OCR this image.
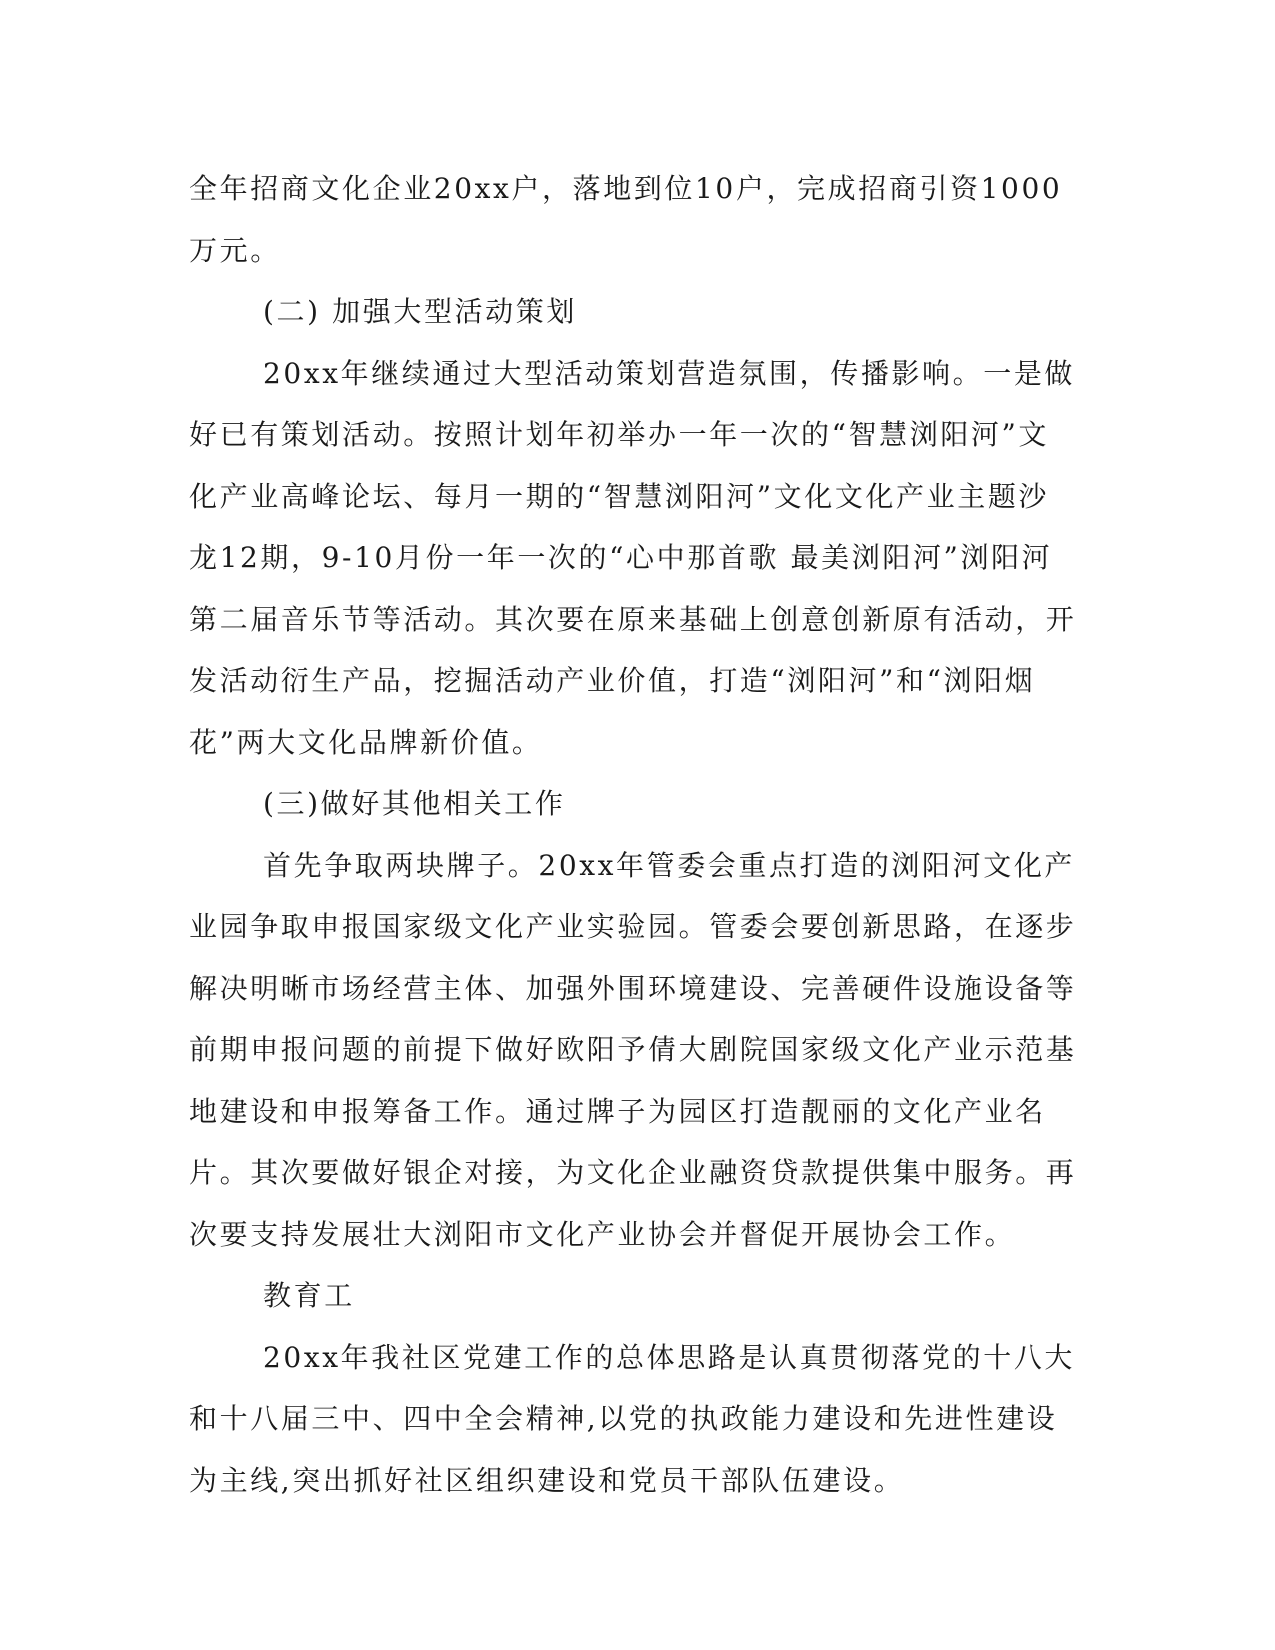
全年招商文化企业20xx户，落地到位10户，完成招商引资1000万元。

(二) 加强大型活动策划

20xx年继续通过大型活动策划营造氛围，传播影响。一是做好已有策划活动。按照计划年初举办一年一次的“智慧浏阳河”文化产业高峰论坛、每月一期的“智慧浏阳河”文化文化产业主题沙龙12期，9-10月份一年一次的“心中那首歌 最美浏阳河”浏阳河第二届音乐节等活动。其次要在原来基础上创意创新原有活动，开发活动衍生产品，挖掘活动产业价值，打造“浏阳河”和“浏阳烟花”两大文化品牌新价值。

(三)做好其他相关工作

首先争取两块牌子。20xx年管委会重点打造的浏阳河文化产业园争取申报国家级文化产业实验园。管委会要创新思路，在逐步解决明晰市场经营主体、加强外围环境建设、完善硬件设施设备等前期申报问题的前提下做好欧阳予倩大剧院国家级文化产业示范基地建设和申报筹备工作。通过牌子为园区打造靓丽的文化产业名片。其次要做好银企对接，为文化企业融资贷款提供集中服务。再次要支持发展壮大浏阳市文化产业协会并督促开展协会工作。

教育工

20xx年我社区党建工作的总体思路是认真贯彻落党的十八大和十八届三中、四中全会精神,以党的执政能力建设和先进性建设为主线,突出抓好社区组织建设和党员干部队伍建设。
